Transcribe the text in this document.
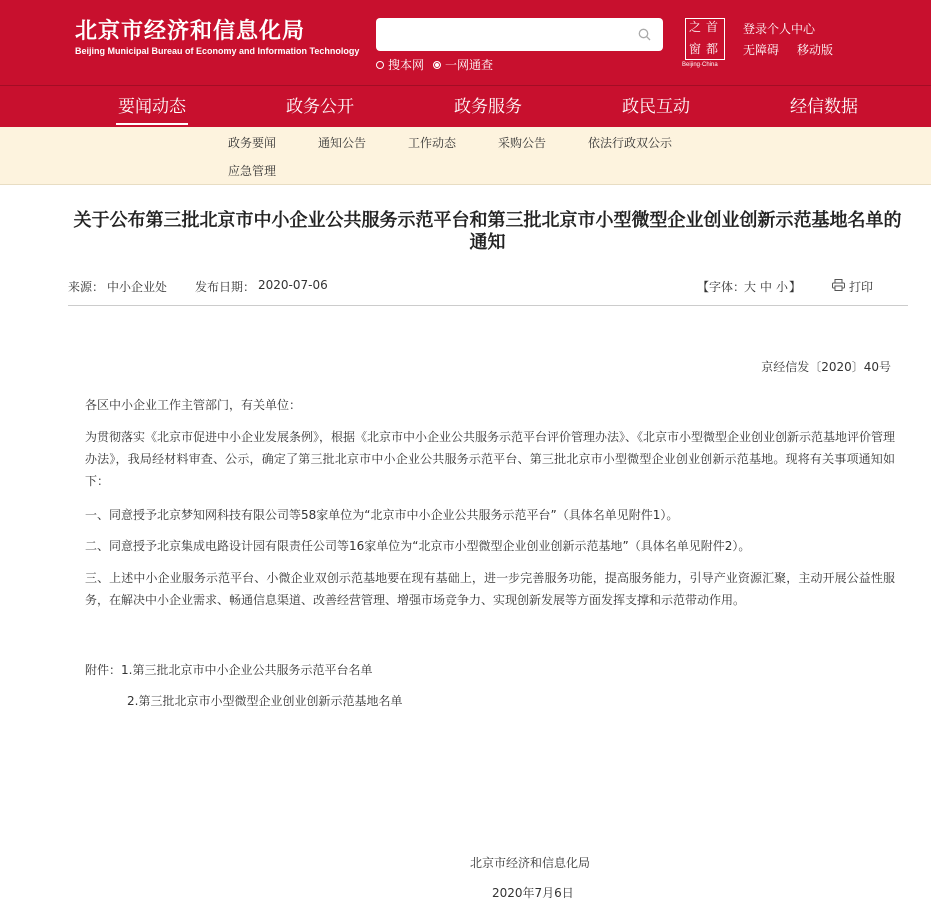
北京市经济和信息化局
Beijing Municipal Bureau of Economy and Information Technology
搜本网 一网通查
之 首
窗 都
Beijing·China
登录个人中心
无障碍 移动版
要闻动态	政务公开	政务服务	政民互动	经信数据
政务要闻	通知公告	工作动态	采购公告	依法行政双公示
应急管理
关于公布第三批北京市中小企业公共服务示范平台和第三批北京市小型微型企业创业创新示范基地名单的通知
来源： 中小企业处 发布日期： 2020-07-06	【字体：
大 中 小 】	打印
京经信发〔2020〕40号
各区中小企业工作主管部门，有关单位：
为贯彻落实《北京市促进中小企业发展条例》，根据《北京市中小企业公共服务示范平台评价管理办法》、《北京市小型微型企业创业创新示范基地评价管理办法》，我局经材料审查、公示，确定了第三批北京市中小企业公共服务示范平台、第三批北京市小型微型企业创业创新示范基地。现将有关事项通知如下：
一、同意授予北京梦知网科技有限公司等58家单位为“北京市中小企业公共服务示范平台”（具体名单见附件1）。
二、同意授予北京集成电路设计园有限责任公司等16家单位为“北京市小型微型企业创业创新示范基地”（具体名单见附件2）。
三、上述中小企业服务示范平台、小微企业双创示范基地要在现有基础上，进一步完善服务功能，提高服务能力，引导产业资源汇聚，主动开展公益性服务，在解决中小企业需求、畅通信息渠道、改善经营管理、增强市场竞争力、实现创新发展等方面发挥支撑和示范带动作用。
附件： 1.第三批北京市中小企业公共服务示范平台名单
2.第三批北京市小型微型企业创业创新示范基地名单
北京市经济和信息化局
2020年7月6日
